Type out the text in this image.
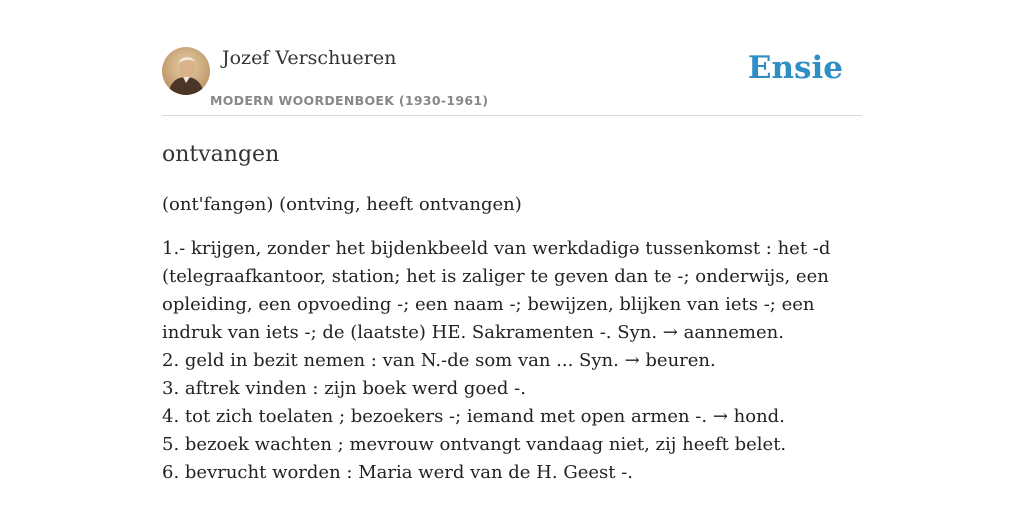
Jozef Verschueren
MODERN WOORDENBOEK (1930-1961)
Ensie
ontvangen
(ont'fangən) (ontving, heeft ontvangen)

1.- krijgen, zonder het bijdenkbeeld van werkdadigə tussenkomst : het -d (telegraafkantoor, station; het is zaliger te geven dan te -; onderwijs, een opleiding, een opvoeding -; een naam -; bewijzen, blijken van iets -; een indruk van iets -; de (laatste) HE. Sakramenten -. Syn. → aannemen.

2. geld in bezit nemen : van N.-de som van ... Syn. → beuren.

3. aftrek vinden : zijn boek werd goed -.

4. tot zich toelaten ; bezoekers -; iemand met open armen -. → hond.

5. bezoek wachten ; mevrouw ontvangt vandaag niet, zij heeft belet.

6. bevrucht worden : Maria werd van de H. Geest -.
